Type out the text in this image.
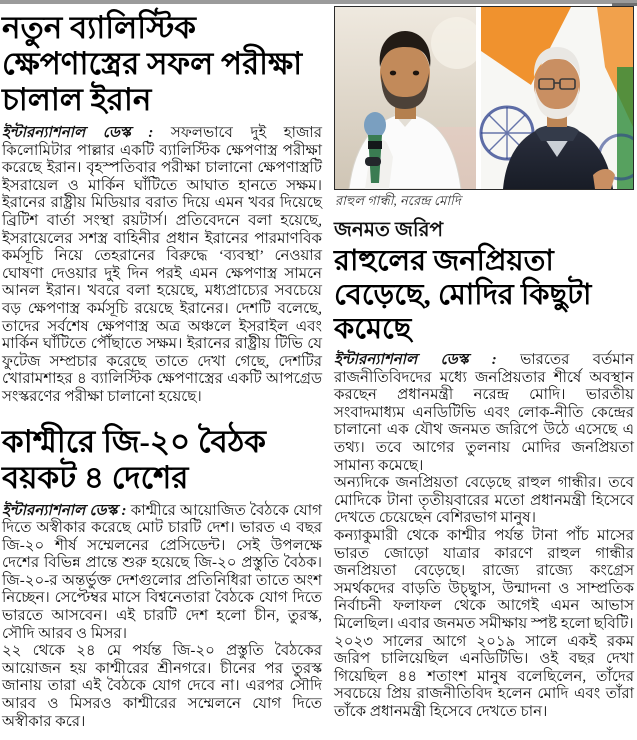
নতুন ব্যালিস্টিক ক্ষেপণাস্ত্রের সফল পরীক্ষা চালাল ইরান

ইন্টারন্যাশনাল ডেস্ক : সফলভাবে দুই হাজার কিলোমিটার পাল্লার একটি ব্যালিস্টিক ক্ষেপণাস্ত্র পরীক্ষা করেছে ইরান। বৃহস্পতিবার পরীক্ষা চালানো ক্ষেপণাস্ত্রটি ইসরায়েল ও মার্কিন ঘাঁটিতে আঘাত হানতে সক্ষম। ইরানের রাষ্ট্রীয় মিডিয়ার বরাত দিয়ে এমন খবর দিয়েছে ব্রিটিশ বার্তা সংস্থা রয়টার্স। প্রতিবেদনে বলা হয়েছে, ইসরায়েলের সশস্ত্র বাহিনীর প্রধান ইরানের পারমাণবিক কর্মসূচি নিয়ে তেহরানের বিরুদ্ধে ‘ব্যবস্থা’ নেওয়ার ঘোষণা দেওয়ার দুই দিন পরই এমন ক্ষেপণাস্ত্র সামনে আনল ইরান। খবরে বলা হয়েছে, মধ্যপ্রাচ্যের সবচেয়ে বড় ক্ষেপণাস্ত্র কর্মসূচি রয়েছে ইরানের। দেশটি বলেছে, তাদের সর্বশেষ ক্ষেপণাস্ত্র অত্র অঞ্চলে ইসরাইল এবং মার্কিন ঘাঁটিতে পৌঁছাতে সক্ষম। ইরানের রাষ্ট্রীয় টিভি যে ফুটেজ সম্প্রচার করেছে তাতে দেখা গেছে, দেশটির খোরামশাহর ৪ ব্যালিস্টিক ক্ষেপণাস্ত্রের একটি আপগ্রেড সংস্করণের পরীক্ষা চালানো হয়েছে।

কাশ্মীরে জি-২০ বৈঠক বয়কট ৪ দেশের

ইন্টারন্যাশনাল ডেস্ক : কাশ্মীরে আয়োজিত বৈঠকে যোগ দিতে অস্বীকার করেছে মোট চারটি দেশ। ভারত এ বছর জি-২০ শীর্ষ সম্মেলনের প্রেসিডেন্ট। সেই উপলক্ষে দেশের বিভিন্ন প্রান্তে শুরু হয়েছে জি-২০ প্রস্তুতি বৈঠক। জি-২০-র অন্তর্ভুক্ত দেশগুলোর প্রতিনিধিরা তাতে অংশ নিচ্ছেন। সেপ্টেম্বর মাসে বিশ্বনেতারা বৈঠকে যোগ দিতে ভারতে আসবেন। এই চারটি দেশ হলো চীন, তুরস্ক, সৌদি আরব ও মিসর।

২২ থেকে ২৪ মে পর্যন্ত জি-২০ প্রস্তুতি বৈঠকের আয়োজন হয় কাশ্মীরের শ্রীনগরে। চীনের পর তুরস্ক জানায় তারা এই বৈঠকে যোগ দেবে না। এরপর সৌদি আরব ও মিসরও কাশ্মীরের সম্মেলনে যোগ দিতে অস্বীকার করে।

রাহুল গান্ধী, নরেন্দ্র মোদি
জনমত জরিপ
রাহুলের জনপ্রিয়তা বেড়েছে, মোদির কিছুটা কমেছে

ইন্টারন্যাশনাল ডেস্ক : ভারতের বর্তমান রাজনীতিবিদদের মধ্যে জনপ্রিয়তার শীর্ষে অবস্থান করছেন প্রধানমন্ত্রী নরেন্দ্র মোদি। ভারতীয় সংবাদমাধ্যম এনডিটিভি এবং লোক-নীতি কেন্দ্রের চালানো এক যৌথ জনমত জরিপে উঠে এসেছে এ তথ্য। তবে আগের তুলনায় মোদির জনপ্রিয়তা সামান্য কমেছে।

অন্যদিকে জনপ্রিয়তা বেড়েছে রাহুল গান্ধীর। তবে মোদিকে টানা তৃতীয়বারের মতো প্রধানমন্ত্রী হিসেবে দেখতে চেয়েছেন বেশিরভাগ মানুষ।

কন্যাকুমারী থেকে কাশ্মীর পর্যন্ত টানা পাঁচ মাসের ভারত জোড়ো যাত্রার কারণে রাহুল গান্ধীর জনপ্রিয়তা বেড়েছে। রাজ্যে রাজ্যে কংগ্রেস সমর্থকদের বাড়তি উচ্ছ্বাস, উন্মাদনা ও সাম্প্রতিক নির্বাচনী ফলাফল থেকে আগেই এমন আভাস মিলেছিল। এবার জনমত সমীক্ষায় স্পষ্ট হলো ছবিটি।

২০২৩ সালের আগে ২০১৯ সালে একই রকম জরিপ চালিয়েছিল এনডিটিভি। ওই বছর দেখা গিয়েছিল ৪৪ শতাংশ মানুষ বলেছিলেন, তাঁদের সবচেয়ে প্রিয় রাজনীতিবিদ হলেন মোদি এবং তাঁরা তাঁকে প্রধানমন্ত্রী হিসেবে দেখতে চান।
